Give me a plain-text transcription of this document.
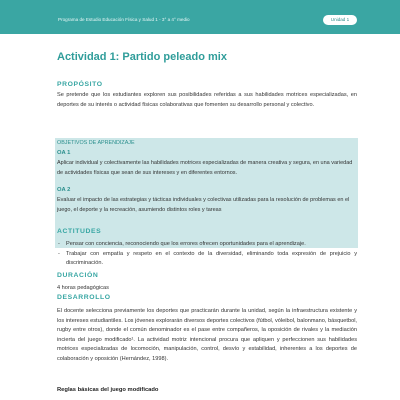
Programa de Estudio Educación Física y Salud 1 - 3° a 4° medio	Unidad 1
Actividad 1: Partido peleado mix
PROPÓSITO
Se pretende que los estudiantes exploren sus posibilidades referidas a sus habilidades motrices especializadas, en deportes de su interés o actividad físicas colaborativas que fomenten su desarrollo personal y colectivo.
OBJETIVOS DE APRENDIZAJE
OA 1
Aplicar individual y colectivamente las habilidades motrices especializadas de manera creativa y segura, en una variedad de actividades físicas que sean de sus intereses y en diferentes entornos.
OA 2
Evaluar el impacto de las estrategias y tácticas individuales y colectivas utilizadas para la resolución de problemas en el juego, el deporte y la recreación, asumiendo distintos roles y tareas
ACTITUDES
- Pensar con conciencia, reconociendo que los errores ofrecen oportunidades para el aprendizaje.
- Trabajar con empatía y respeto en el contexto de la diversidad, eliminando toda expresión de prejuicio y discriminación.
DURACIÓN
4 horas pedagógicas
DESARROLLO
El docente selecciona previamente los deportes que practicarán durante la unidad, según la infraestructura existente y los intereses estudiantiles. Los jóvenes explorarán diversos deportes colectivos (fútbol, vóleibol, balonmano, básquetbol, rugby entre otros), donde el común denominador es el pase entre compañeros, la oposición de rivales y la mediación incierta del juego modificado¹. La actividad motriz intencional procura que apliquen y perfeccionen sus habilidades motrices especializadas de locomoción, manipulación, control, desvío y estabilidad, inherentes a los deportes de colaboración y oposición (Hernández, 1998).
Reglas básicas del juego modificado
